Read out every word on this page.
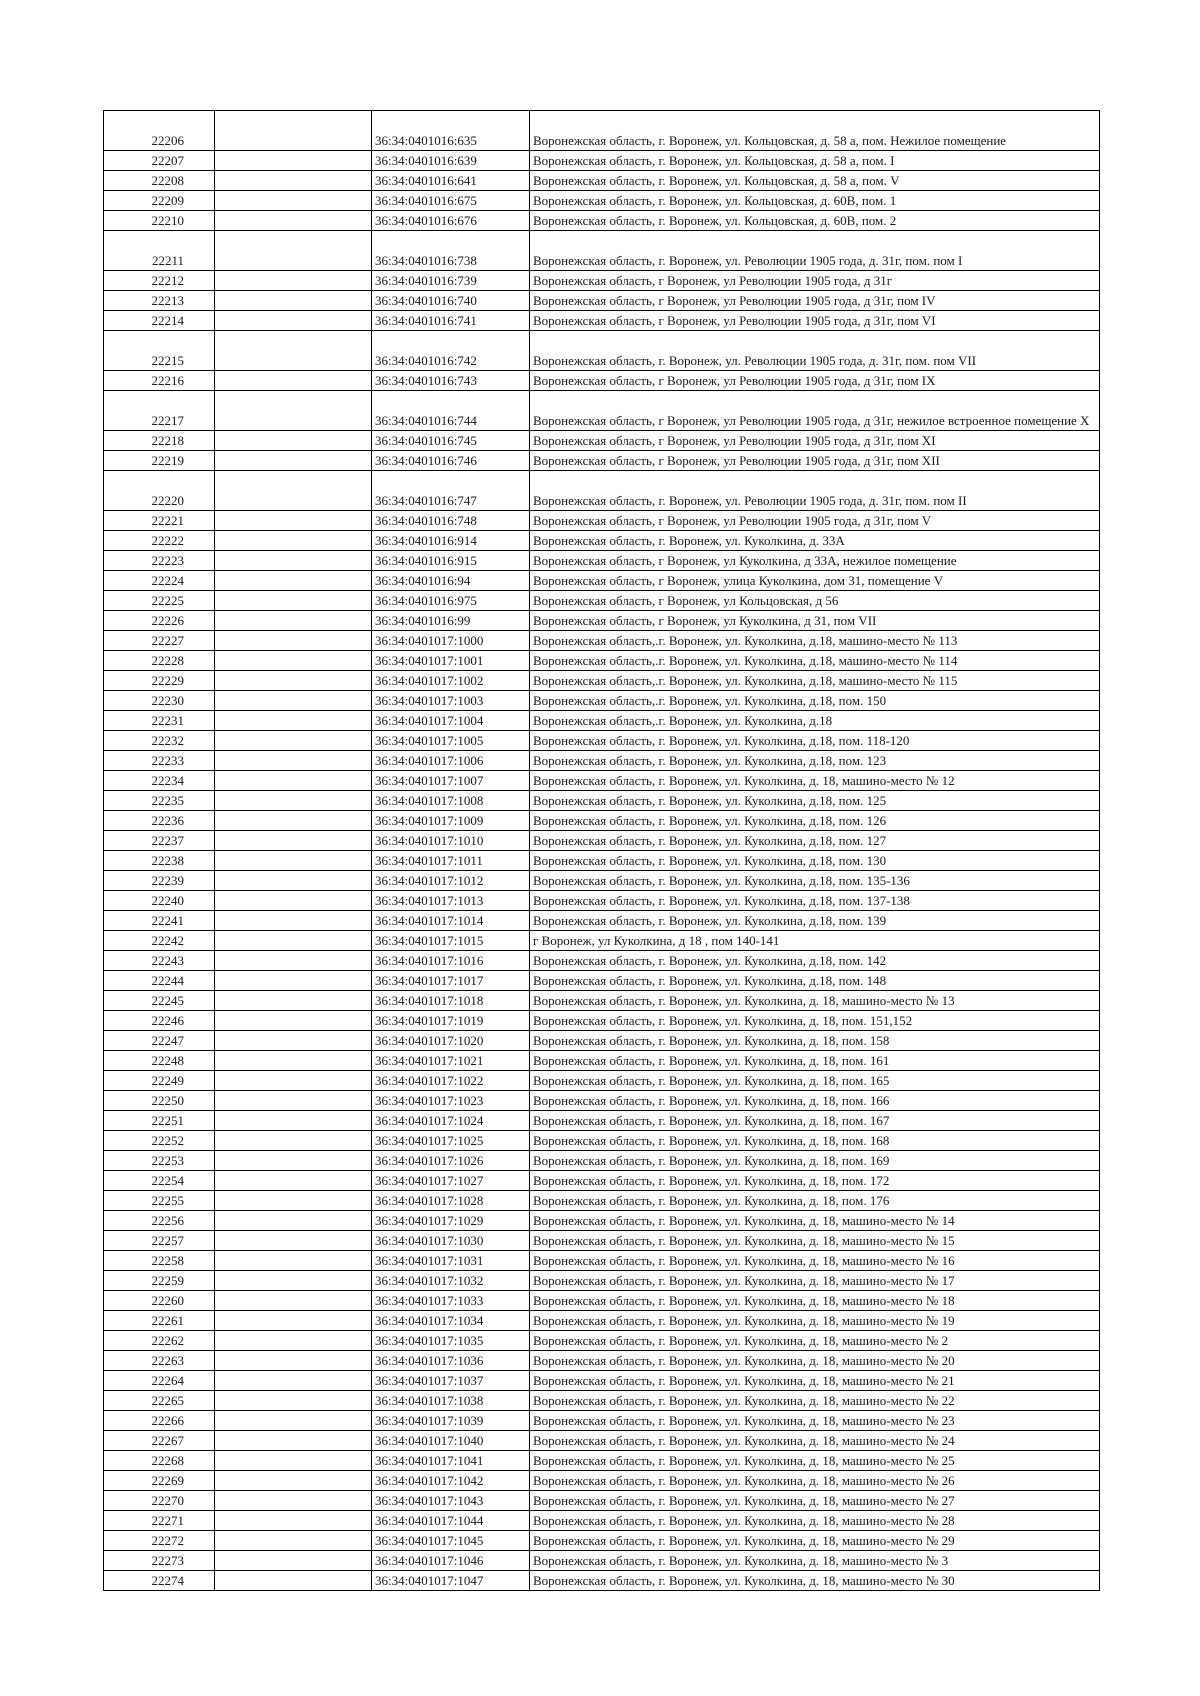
22206		36:34:0401016:635	Воронежская область, г. Воронеж, ул. Кольцовская, д. 58 а, пом. Нежилое помещение
22207		36:34:0401016:639	Воронежская область, г. Воронеж, ул. Кольцовская, д. 58 а, пом. I
22208		36:34:0401016:641	Воронежская область, г. Воронеж, ул. Кольцовская, д. 58 а, пом. V
22209		36:34:0401016:675	Воронежская область, г. Воронеж, ул. Кольцовская, д. 60В, пом. 1
22210		36:34:0401016:676	Воронежская область, г. Воронеж, ул. Кольцовская, д. 60В, пом. 2
22211		36:34:0401016:738	Воронежская область, г. Воронеж, ул. Революции 1905 года, д. 31г, пом. пом I
22212		36:34:0401016:739	Воронежская область, г Воронеж, ул Революции 1905 года, д 31г
22213		36:34:0401016:740	Воронежская область, г Воронеж, ул Революции 1905 года, д 31г, пом IV
22214		36:34:0401016:741	Воронежская область, г Воронеж, ул Революции 1905 года, д 31г, пом VI
22215		36:34:0401016:742	Воронежская область, г. Воронеж, ул. Революции 1905 года, д. 31г, пом. пом VII
22216		36:34:0401016:743	Воронежская область, г Воронеж, ул Революции 1905 года, д 31г, пом IX
22217		36:34:0401016:744	Воронежская область, г Воронеж, ул Революции 1905 года, д 31г, нежилое встроенное помещение X
22218		36:34:0401016:745	Воронежская область, г Воронеж, ул Революции 1905 года, д 31г, пом XI
22219		36:34:0401016:746	Воронежская область, г Воронеж, ул Революции 1905 года, д 31г, пом XII
22220		36:34:0401016:747	Воронежская область, г. Воронеж, ул. Революции 1905 года, д. 31г, пом. пом II
22221		36:34:0401016:748	Воронежская область, г Воронеж, ул Революции 1905 года, д 31г, пом V
22222		36:34:0401016:914	Воронежская область, г. Воронеж, ул. Куколкина, д. 33А
22223		36:34:0401016:915	Воронежская область, г Воронеж, ул Куколкина, д 33А, нежилое помещение
22224		36:34:0401016:94	Воронежская область, г Воронеж, улица Куколкина, дом 31, помещение V
22225		36:34:0401016:975	Воронежская область, г Воронеж, ул Кольцовская, д 56
22226		36:34:0401016:99	Воронежская область, г Воронеж, ул Куколкина, д 31, пом VII
22227		36:34:0401017:1000	Воронежская область,.г. Воронеж, ул. Куколкина, д.18, машино-место № 113
22228		36:34:0401017:1001	Воронежская область,.г. Воронеж, ул. Куколкина, д.18, машино-место № 114
22229		36:34:0401017:1002	Воронежская область,.г. Воронеж, ул. Куколкина, д.18, машино-место № 115
22230		36:34:0401017:1003	Воронежская область,.г. Воронеж, ул. Куколкина, д.18, пом. 150
22231		36:34:0401017:1004	Воронежская область,.г. Воронеж, ул. Куколкина, д.18
22232		36:34:0401017:1005	Воронежская область, г. Воронеж, ул. Куколкина, д.18, пом. 118-120
22233		36:34:0401017:1006	Воронежская область, г. Воронеж, ул. Куколкина, д.18, пом. 123
22234		36:34:0401017:1007	Воронежская область, г. Воронеж, ул. Куколкина, д. 18, машино-место № 12
22235		36:34:0401017:1008	Воронежская область, г. Воронеж, ул. Куколкина, д.18, пом. 125
22236		36:34:0401017:1009	Воронежская область, г. Воронеж, ул. Куколкина, д.18, пом. 126
22237		36:34:0401017:1010	Воронежская область, г. Воронеж, ул. Куколкина, д.18, пом. 127
22238		36:34:0401017:1011	Воронежская область, г. Воронеж, ул. Куколкина, д.18, пом. 130
22239		36:34:0401017:1012	Воронежская область, г. Воронеж, ул. Куколкина, д.18, пом. 135-136
22240		36:34:0401017:1013	Воронежская область, г. Воронеж, ул. Куколкина, д.18, пом. 137-138
22241		36:34:0401017:1014	Воронежская область, г. Воронеж, ул. Куколкина, д.18, пом. 139
22242		36:34:0401017:1015	г Воронеж, ул Куколкина, д 18 , пом 140-141
22243		36:34:0401017:1016	Воронежская область, г. Воронеж, ул. Куколкина, д.18, пом. 142
22244		36:34:0401017:1017	Воронежская область, г. Воронеж, ул. Куколкина, д.18, пом. 148
22245		36:34:0401017:1018	Воронежская область, г. Воронеж, ул. Куколкина, д. 18, машино-место № 13
22246		36:34:0401017:1019	Воронежская область, г. Воронеж, ул. Куколкина, д. 18, пом. 151,152
22247		36:34:0401017:1020	Воронежская область, г. Воронеж, ул. Куколкина, д. 18, пом. 158
22248		36:34:0401017:1021	Воронежская область, г. Воронеж, ул. Куколкина, д. 18, пом. 161
22249		36:34:0401017:1022	Воронежская область, г. Воронеж, ул. Куколкина, д. 18, пом. 165
22250		36:34:0401017:1023	Воронежская область, г. Воронеж, ул. Куколкина, д. 18, пом. 166
22251		36:34:0401017:1024	Воронежская область, г. Воронеж, ул. Куколкина, д. 18, пом. 167
22252		36:34:0401017:1025	Воронежская область, г. Воронеж, ул. Куколкина, д. 18, пом. 168
22253		36:34:0401017:1026	Воронежская область, г. Воронеж, ул. Куколкина, д. 18, пом. 169
22254		36:34:0401017:1027	Воронежская область, г. Воронеж, ул. Куколкина, д. 18, пом. 172
22255		36:34:0401017:1028	Воронежская область, г. Воронеж, ул. Куколкина, д. 18, пом. 176
22256		36:34:0401017:1029	Воронежская область, г. Воронеж, ул. Куколкина, д. 18, машино-место № 14
22257		36:34:0401017:1030	Воронежская область, г. Воронеж, ул. Куколкина, д. 18, машино-место № 15
22258		36:34:0401017:1031	Воронежская область, г. Воронеж, ул. Куколкина, д. 18, машино-место № 16
22259		36:34:0401017:1032	Воронежская область, г. Воронеж, ул. Куколкина, д. 18, машино-место № 17
22260		36:34:0401017:1033	Воронежская область, г. Воронеж, ул. Куколкина, д. 18, машино-место № 18
22261		36:34:0401017:1034	Воронежская область, г. Воронеж, ул. Куколкина, д. 18, машино-место № 19
22262		36:34:0401017:1035	Воронежская область, г. Воронеж, ул. Куколкина, д. 18, машино-место № 2
22263		36:34:0401017:1036	Воронежская область, г. Воронеж, ул. Куколкина, д. 18, машино-место № 20
22264		36:34:0401017:1037	Воронежская область, г. Воронеж, ул. Куколкина, д. 18, машино-место № 21
22265		36:34:0401017:1038	Воронежская область, г. Воронеж, ул. Куколкина, д. 18, машино-место № 22
22266		36:34:0401017:1039	Воронежская область, г. Воронеж, ул. Куколкина, д. 18, машино-место № 23
22267		36:34:0401017:1040	Воронежская область, г. Воронеж, ул. Куколкина, д. 18, машино-место № 24
22268		36:34:0401017:1041	Воронежская область, г. Воронеж, ул. Куколкина, д. 18, машино-место № 25
22269		36:34:0401017:1042	Воронежская область, г. Воронеж, ул. Куколкина, д. 18, машино-место № 26
22270		36:34:0401017:1043	Воронежская область, г. Воронеж, ул. Куколкина, д. 18, машино-место № 27
22271		36:34:0401017:1044	Воронежская область, г. Воронеж, ул. Куколкина, д. 18, машино-место № 28
22272		36:34:0401017:1045	Воронежская область, г. Воронеж, ул. Куколкина, д. 18, машино-место № 29
22273		36:34:0401017:1046	Воронежская область, г. Воронеж, ул. Куколкина, д. 18, машино-место № 3
22274		36:34:0401017:1047	Воронежская область, г. Воронеж, ул. Куколкина, д. 18, машино-место № 30
